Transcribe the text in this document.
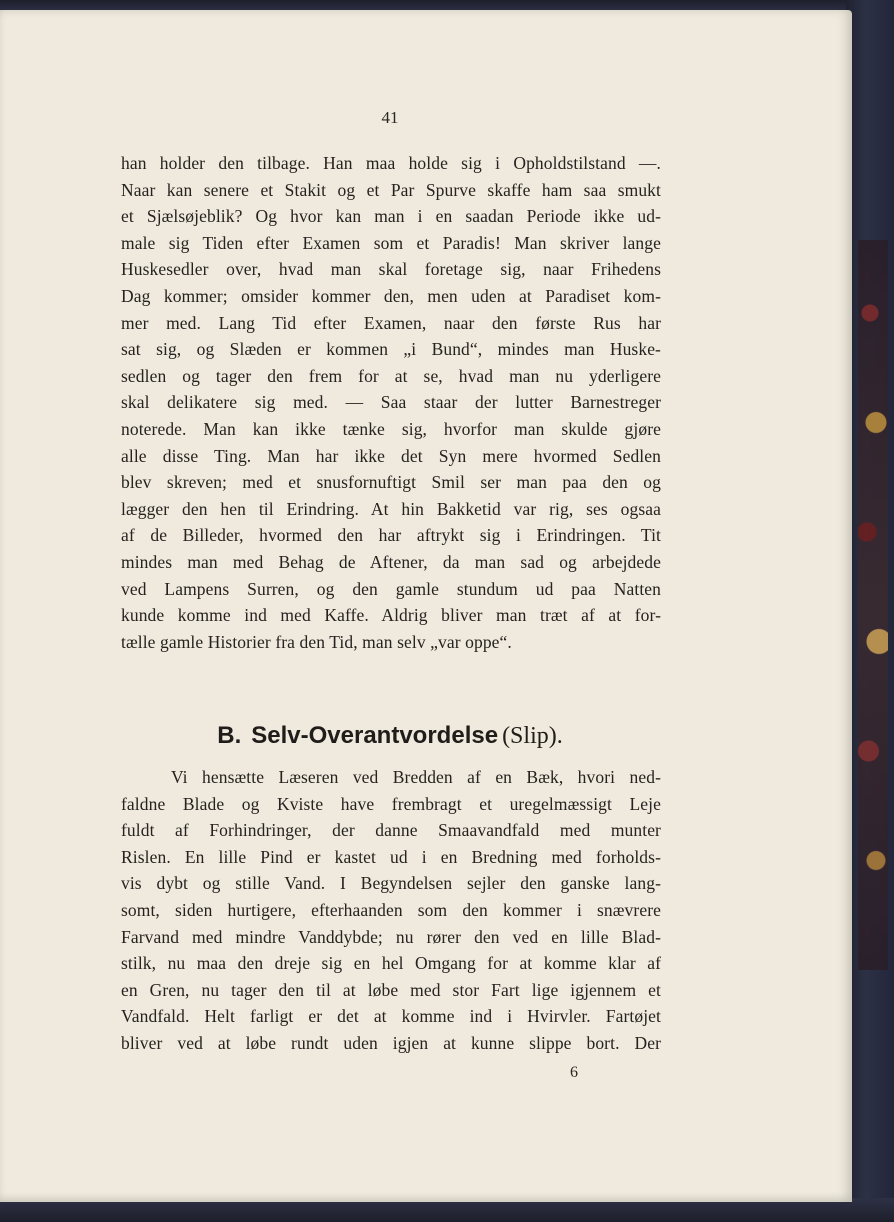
41
han holder den tilbage. Han maa holde sig i Opholdstilstand —.
Naar kan senere et Stakit og et Par Spurve skaffe ham saa smukt
et Sjælsøjeblik? Og hvor kan man i en saadan Periode ikke ud-
male sig Tiden efter Examen som et Paradis! Man skriver lange
Huskesedler over, hvad man skal foretage sig, naar Frihedens
Dag kommer; omsider kommer den, men uden at Paradiset kom-
mer med. Lang Tid efter Examen, naar den første Rus har
sat sig, og Slæden er kommen „i Bund“, mindes man Huske-
sedlen og tager den frem for at se, hvad man nu yderligere
skal delikatere sig med. — Saa staar der lutter Barnestreger
noterede. Man kan ikke tænke sig, hvorfor man skulde gjøre
alle disse Ting. Man har ikke det Syn mere hvormed Sedlen
blev skreven; med et snusfornuftigt Smil ser man paa den og
lægger den hen til Erindring. At hin Bakketid var rig, ses ogsaa
af de Billeder, hvormed den har aftrykt sig i Erindringen. Tit
mindes man med Behag de Aftener, da man sad og arbejdede
ved Lampens Surren, og den gamle stundum ud paa Natten
kunde komme ind med Kaffe. Aldrig bliver man træt af at for-
tælle gamle Historier fra den Tid, man selv „var oppe“.
B. Selv-Overantvordelse (Slip).
Vi hensætte Læseren ved Bredden af en Bæk, hvori ned-
faldne Blade og Kviste have frembragt et uregelmæssigt Leje
fuldt af Forhindringer, der danne Smaavandfald med munter
Rislen. En lille Pind er kastet ud i en Bredning med forholds-
vis dybt og stille Vand. I Begyndelsen sejler den ganske lang-
somt, siden hurtigere, efterhaanden som den kommer i snævrere
Farvand med mindre Vanddybde; nu rører den ved en lille Blad-
stilk, nu maa den dreje sig en hel Omgang for at komme klar af
en Gren, nu tager den til at løbe med stor Fart lige igjennem et
Vandfald. Helt farligt er det at komme ind i Hvirvler. Fartøjet
bliver ved at løbe rundt uden igjen at kunne slippe bort. Der
6
